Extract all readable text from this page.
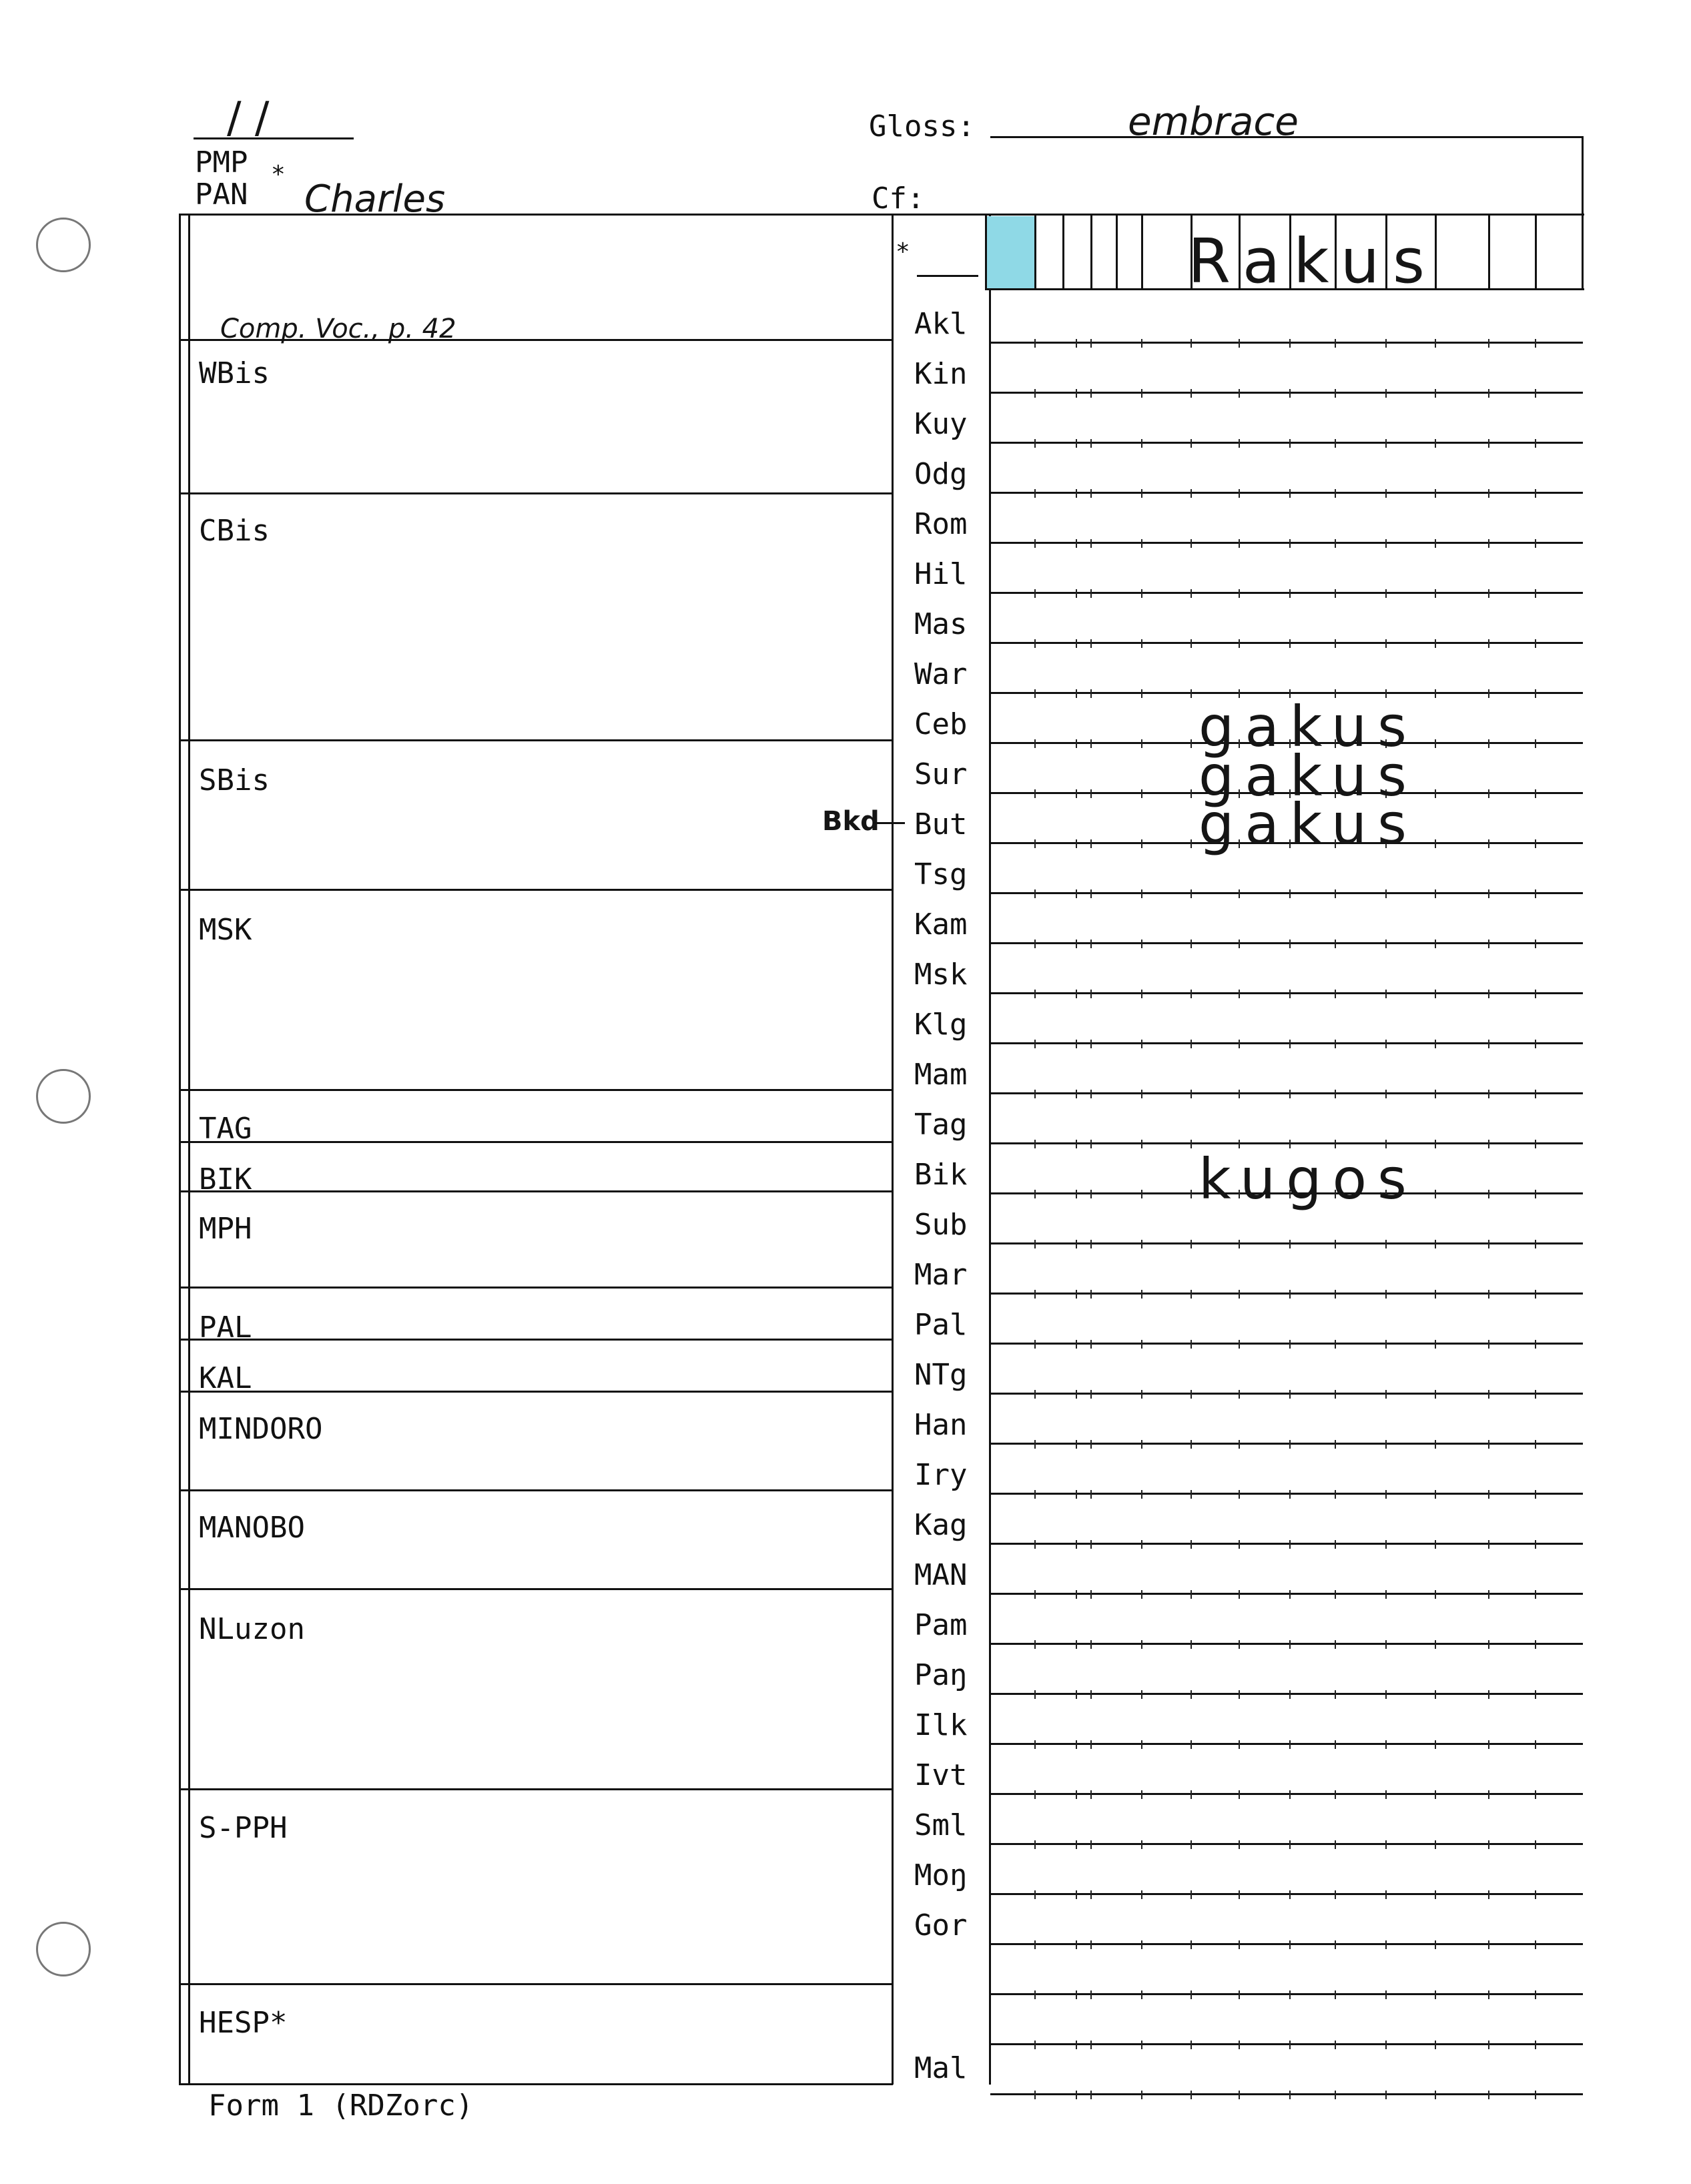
/ /
PMP
PAN
*
Charles
Gloss:	embrace
Cf:
Comp. Voc., p. 42
WBis
CBis
SBis
MSK
TAG
BIK
MPH
PAL
KAL
MINDORO
MANOBO
NLuzon
S-PPH
HESP*
*
Akl
Kin
Kuy
Odg
Rom
Hil
Mas
War
Ceb
Sur
But
Tsg
Kam
Msk
Klg
Mam
Tag
Bik
Sub
Mar
Pal
NTg
Han
Iry
Kag
MAN
Pam
Paŋ
Ilk
Ivt
Sml
Moŋ
Gor
Mal
Bkd
Rakus
gakus
gakus
gakus
kugos
Form 1 (RDZorc)
